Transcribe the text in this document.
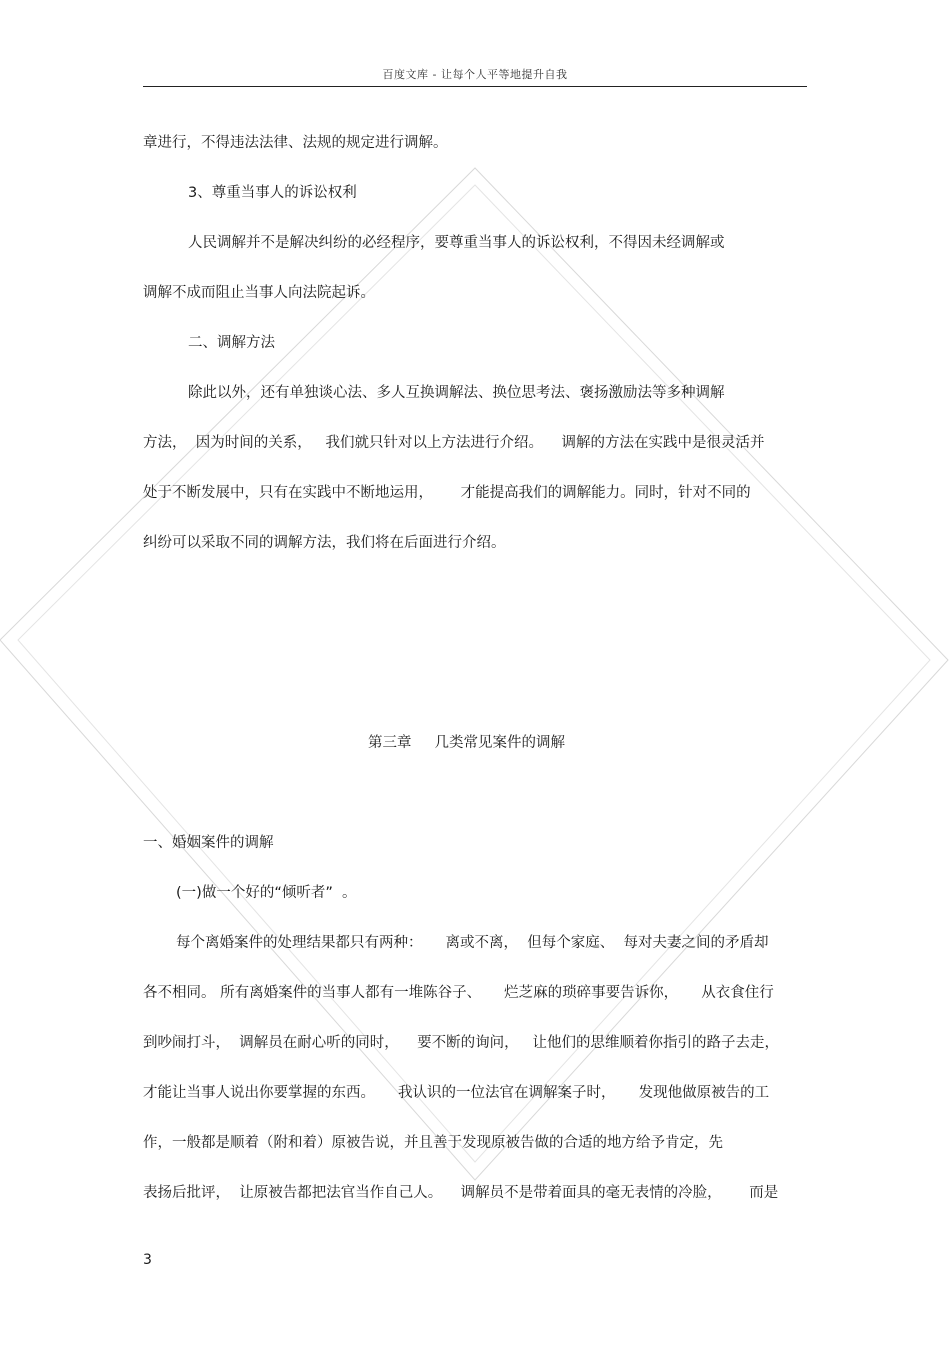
百度文库 - 让每个人平等地提升自我
章进行，不得违法法律、法规的规定进行调解。
3、尊重当事人的诉讼权利
人民调解并不是解决纠纷的必经程序，要尊重当事人的诉讼权利，不得因未经调解或
调解不成而阻止当事人向法院起诉。
二、调解方法
除此以外，还有单独谈心法、多人互换调解法、换位思考法、褒扬激励法等多种调解
方法，  因为时间的关系，   我们就只针对以上方法进行介绍。    调解的方法在实践中是很灵活并
处于不断发展中，只有在实践中不断地运用，      才能提高我们的调解能力。同时，针对不同的
纠纷可以采取不同的调解方法，我们将在后面进行介绍。
第三章     几类常见案件的调解
一、婚姻案件的调解
(一)做一个好的“倾听者”  。
每个离婚案件的处理结果都只有两种：     离或不离，  但每个家庭、  每对夫妻之间的矛盾却
各不相同。 所有离婚案件的当事人都有一堆陈谷子、     烂芝麻的琐碎事要告诉你，     从衣食住行
到吵闹打斗，  调解员在耐心听的同时，    要不断的询问，   让他们的思维顺着你指引的路子去走，
才能让当事人说出你要掌握的东西。     我认识的一位法官在调解案子时，     发现他做原被告的工
作，一般都是顺着（附和着）原被告说，并且善于发现原被告做的合适的地方给予肯定，先
表扬后批评，  让原被告都把法官当作自己人。    调解员不是带着面具的毫无表情的冷脸，      而是
3
